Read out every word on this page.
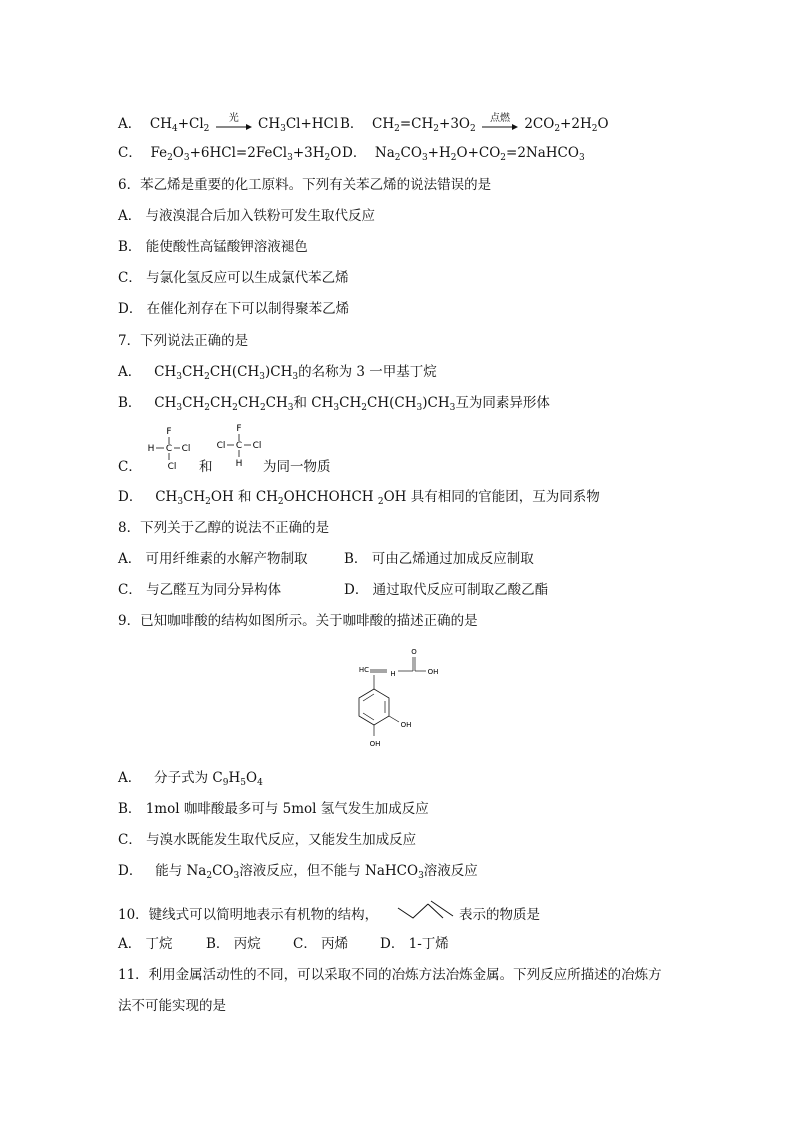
A． $CH_4+Cl_2$
光	$CH_3Cl+HCl$ B． $CH_2=CH_2+3O_2$
点燃	$2CO_2+2H_2O$
C． $Fe_2O_3+6HCl=2FeCl_3+3H_2O$ D． $Na_2CO_3+H_2O+CO_2=2NaHCO_3$
6．苯乙烯是重要的化工原料。下列有关苯乙烯的说法错误的是
A． 与液溴混合后加入铁粉可发生取代反应
B． 能使酸性高锰酸钾溶液褪色
C． 与氯化氢反应可以生成氯代苯乙烯
D． 在催化剂存在下可以制得聚苯乙烯
7．下列说法正确的是
A． $CH_3CH_2CH(CH_3)CH_3$的名称为 3 一甲基丁烷
B． $CH_3CH_2CH_2CH_2CH_3$和 $CH_3CH_2CH(CH_3)CH_3$互为同素异形体
F
H C Cl
Cl
F
Cl C Cl
H
C．	和	为同一物质
D． $CH_3CH_2OH$ 和 $CH_2OHCHOHCH$ $_2$OH 具有相同的官能团，互为同系物
8．下列关于乙醇的说法不正确的是
A． 可用纤维素的水解产物制取	B． 可由乙烯通过加成反应制取
C． 与乙醛互为同分异构体	D． 通过取代反应可制取乙酸乙酯
9．已知咖啡酸的结构如图所示。关于咖啡酸的描述正确的是
HC	H
O
OH
OH
OH
A． 分子式为 $C_9H_5O_4$
B． 1mol 咖啡酸最多可与 5mol 氢气发生加成反应
C． 与溴水既能发生取代反应，又能发生加成反应
D． 能与 $Na_2CO_3$溶液反应，但不能与 NaHCO$_3$溶液反应
10．键线式可以简明地表示有机物的结构，	表示的物质是
A． 丁烷 B． 丙烷 C． 丙烯 D． 1-丁烯
11．利用金属活动性的不同，可以采取不同的冶炼方法冶炼金属。下列反应所描述的冶炼方
法不可能实现的是
